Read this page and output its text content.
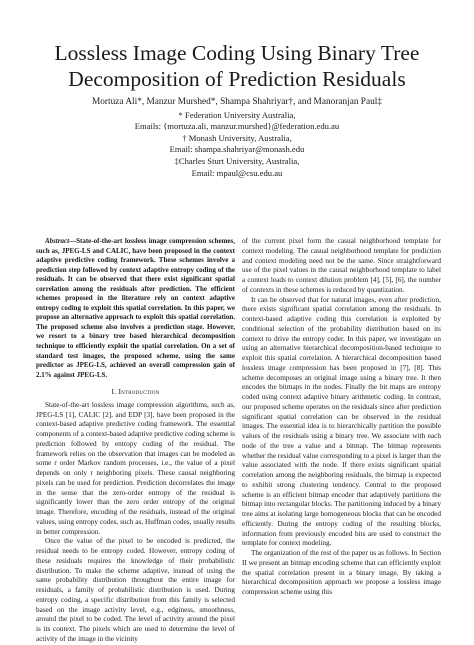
Lossless Image Coding Using Binary Tree
Decomposition of Prediction Residuals
Mortuza Ali*, Manzur Murshed*, Shampa Shahriyar†, and Manoranjan Paul‡
* Federation University Australia,
Emails: {mortuza.ali, manzur.murshed}@federation.edu.au
† Monash University, Australia,
Email: shampa.shahriyar@monash.edu
‡Charles Sturt University, Australia,
Email: mpaul@csu.edu.au

Abstract—State-of-the-art lossless image compression schemes, such as, JPEG-LS and CALIC, have been proposed in the context adaptive predictive coding framework. These schemes involve a prediction step followed by context adaptive entropy coding of the residuals. It can be observed that there exist significant spatial correlation among the residuals after prediction. The efficient schemes proposed in the literature rely on context adaptive entropy coding to exploit this spatial correlation. In this paper, we propose an alternative approach to exploit this spatial correlation. The proposed scheme also involves a prediction stage. However, we resort to a binary tree based hierarchical decomposition technique to efficiently exploit the spatial correlation. On a set of standard test images, the proposed scheme, using the same predictor as JPEG-LS, achieved an overall compression gain of 2.1% against JPEG-LS.

I. Introduction

State-of-the-art lossless image compression algorithms, such as, JPEG-LS [1], CALIC [2], and EDP [3], have been proposed in the context-based adaptive predictive coding framework. The essential components of a context-based adaptive predictive coding scheme is prediction followed by entropy coding of the residual. The framework relies on the observation that images can be modeled as some r order Markov random processes, i.e., the value of a pixel depends on only r neighboring pixels. These causal neighboring pixels can be used for prediction. Prediction decorrelates the image in the sense that the zero-order entropy of the residual is significantly lower than the zero order entropy of the original image. Therefore, encoding of the residuals, instead of the original values, using entropy codes, such as, Huffman codes, usually results in better compression.

Once the value of the pixel to be encoded is predicted, the residual needs to be entropy coded. However, entropy coding of these residuals requires the knowledge of their probabilistic distribution. To make the scheme adaptive, instead of using the same probability distribution throughout the entire image for residuals, a family of probabilistic distribution is used. During entropy coding, a specific distribution from this family is selected based on the image activity level, e.g., edginess, smoothness, around the pixel to be coded. The level of activity around the pixel is its context. The pixels which are used to determine the level of activity of the image in the vicinity

of the current pixel form the casual neighborhood template for context modeling. The casual neighborhood template for prediction and context modeling need not be the same. Since straightforward use of the pixel values in the causal neighborhood template to label a context leads to context dilution problem [4], [5], [6], the number of contexts in these schemes is reduced by quantization.

It can be observed that for natural images, even after prediction, there exists significant spatial correlation among the residuals. In context-based adaptive coding this correlation is exploited by conditional selection of the probability distribution based on its context to drive the entropy coder. In this paper, we investigate on using an alternative hierarchical decomposition-based technique to exploit this spatial correlation. A hierarchical decomposition based lossless image compression has been proposed in [7], [8]. This scheme decomposes an original image using a binary tree. It then encodes the bitmaps in the nodes. Finally the bit maps are entropy coded using context adaptive binary arithmetic coding. In contrast, our proposed scheme operates on the residuals since after prediction significant spatial correlation can be observed in the residual images. The essential idea is to hierarchically partition the possible values of the residuals using a binary tree. We associate with each node of the tree a value and a bitmap. The bitmap represents whether the residual value corresponding to a pixel is larger than the value associated with the node. If there exists significant spatial correlation among the neighboring residuals, the bitmap is expected to exhibit strong clustering tendency. Central to the proposed scheme is an efficient bitmap encoder that adaptively partitions the bitmap into rectangular blocks. The partitioning induced by a binary tree aims at isolating large homogeneous blocks that can be encoded efficiently. During the entropy coding of the resulting blocks, information from previously encoded bits are used to construct the template for context modeling.

The organization of the rest of the paper us as follows. In Section II we present an bitmap encoding scheme that can efficiently exploit the spatial correlation present in a binary image. By taking a hierarchical decomposition approach we propose a lossless image compression scheme using this
